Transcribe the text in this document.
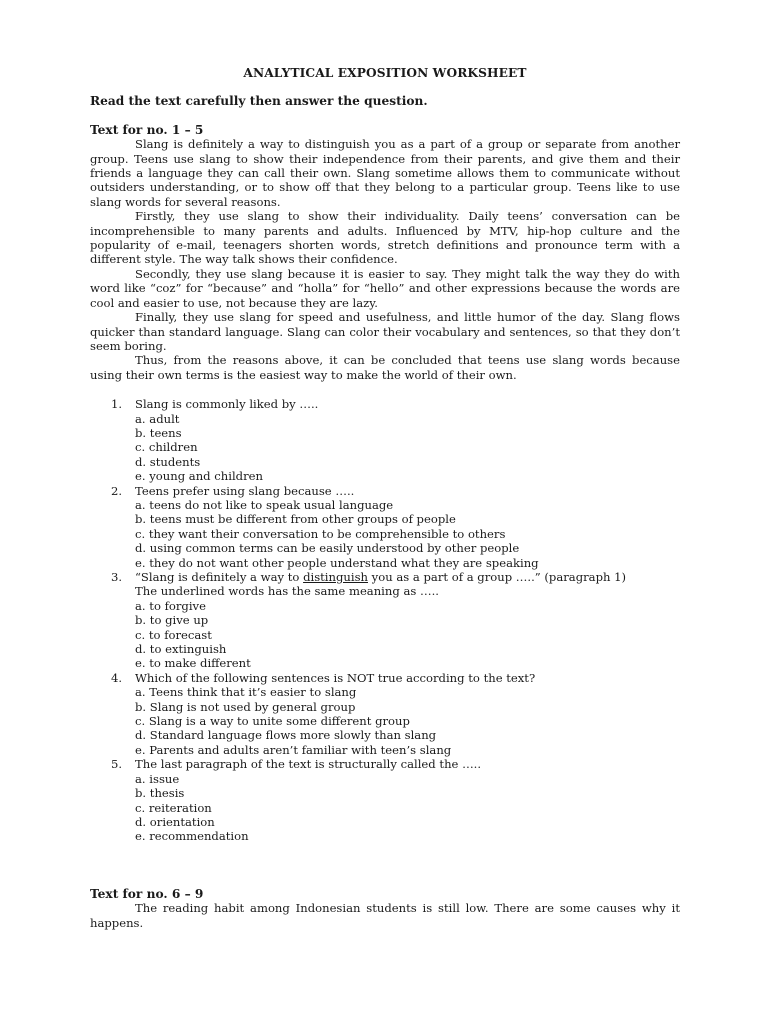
ANALYTICAL EXPOSITION WORKSHEET
Read the text carefully then answer the question.
Text for no. 1 – 5

Slang is definitely a way to distinguish you as a part of a group or separate from another group. Teens use slang to show their independence from their parents, and give them and their friends a language they can call their own. Slang sometime allows them to communicate without outsiders understanding, or to show off that they belong to a particular group. Teens like to use slang words for several reasons.

Firstly, they use slang to show their individuality. Daily teens’ conversation can be incomprehensible to many parents and adults. Influenced by MTV, hip-hop culture and the popularity of e-mail, teenagers shorten words, stretch definitions and pronounce term with a different style. The way talk shows their confidence.

Secondly, they use slang because it is easier to say. They might talk the way they do with word like “coz” for “because” and “holla” for “hello” and other expressions because the words are cool and easier to use, not because they are lazy.

Finally, they use slang for speed and usefulness, and little humor of the day. Slang flows quicker than standard language. Slang can color their vocabulary and sentences, so that they don’t seem boring.

Thus, from the reasons above, it can be concluded that teens use slang words because using their own terms is the easiest way to make the world of their own.

1. Slang is commonly liked by …..
a. adult
b. teens
c. children
d. students
e. young and children
2. Teens prefer using slang because …..
a. teens do not like to speak usual language
b. teens must be different from other groups of people
c. they want their conversation to be comprehensible to others
d. using common terms can be easily understood by other people
e. they do not want other people understand what they are speaking
3. “Slang is definitely a way to distinguish you as a part of a group …..” (paragraph 1)
The underlined words has the same meaning as …..
a. to forgive
b. to give up
c. to forecast
d. to extinguish
e. to make different
4. Which of the following sentences is NOT true according to the text?
a. Teens think that it’s easier to slang
b. Slang is not used by general group
c. Slang is a way to unite some different group
d. Standard language flows more slowly than slang
e. Parents and adults aren’t familiar with teen’s slang
5. The last paragraph of the text is structurally called the …..
a. issue
b. thesis
c. reiteration
d. orientation
e. recommendation
Text for no. 6 – 9

The reading habit among Indonesian students is still low. There are some causes why it happens.
